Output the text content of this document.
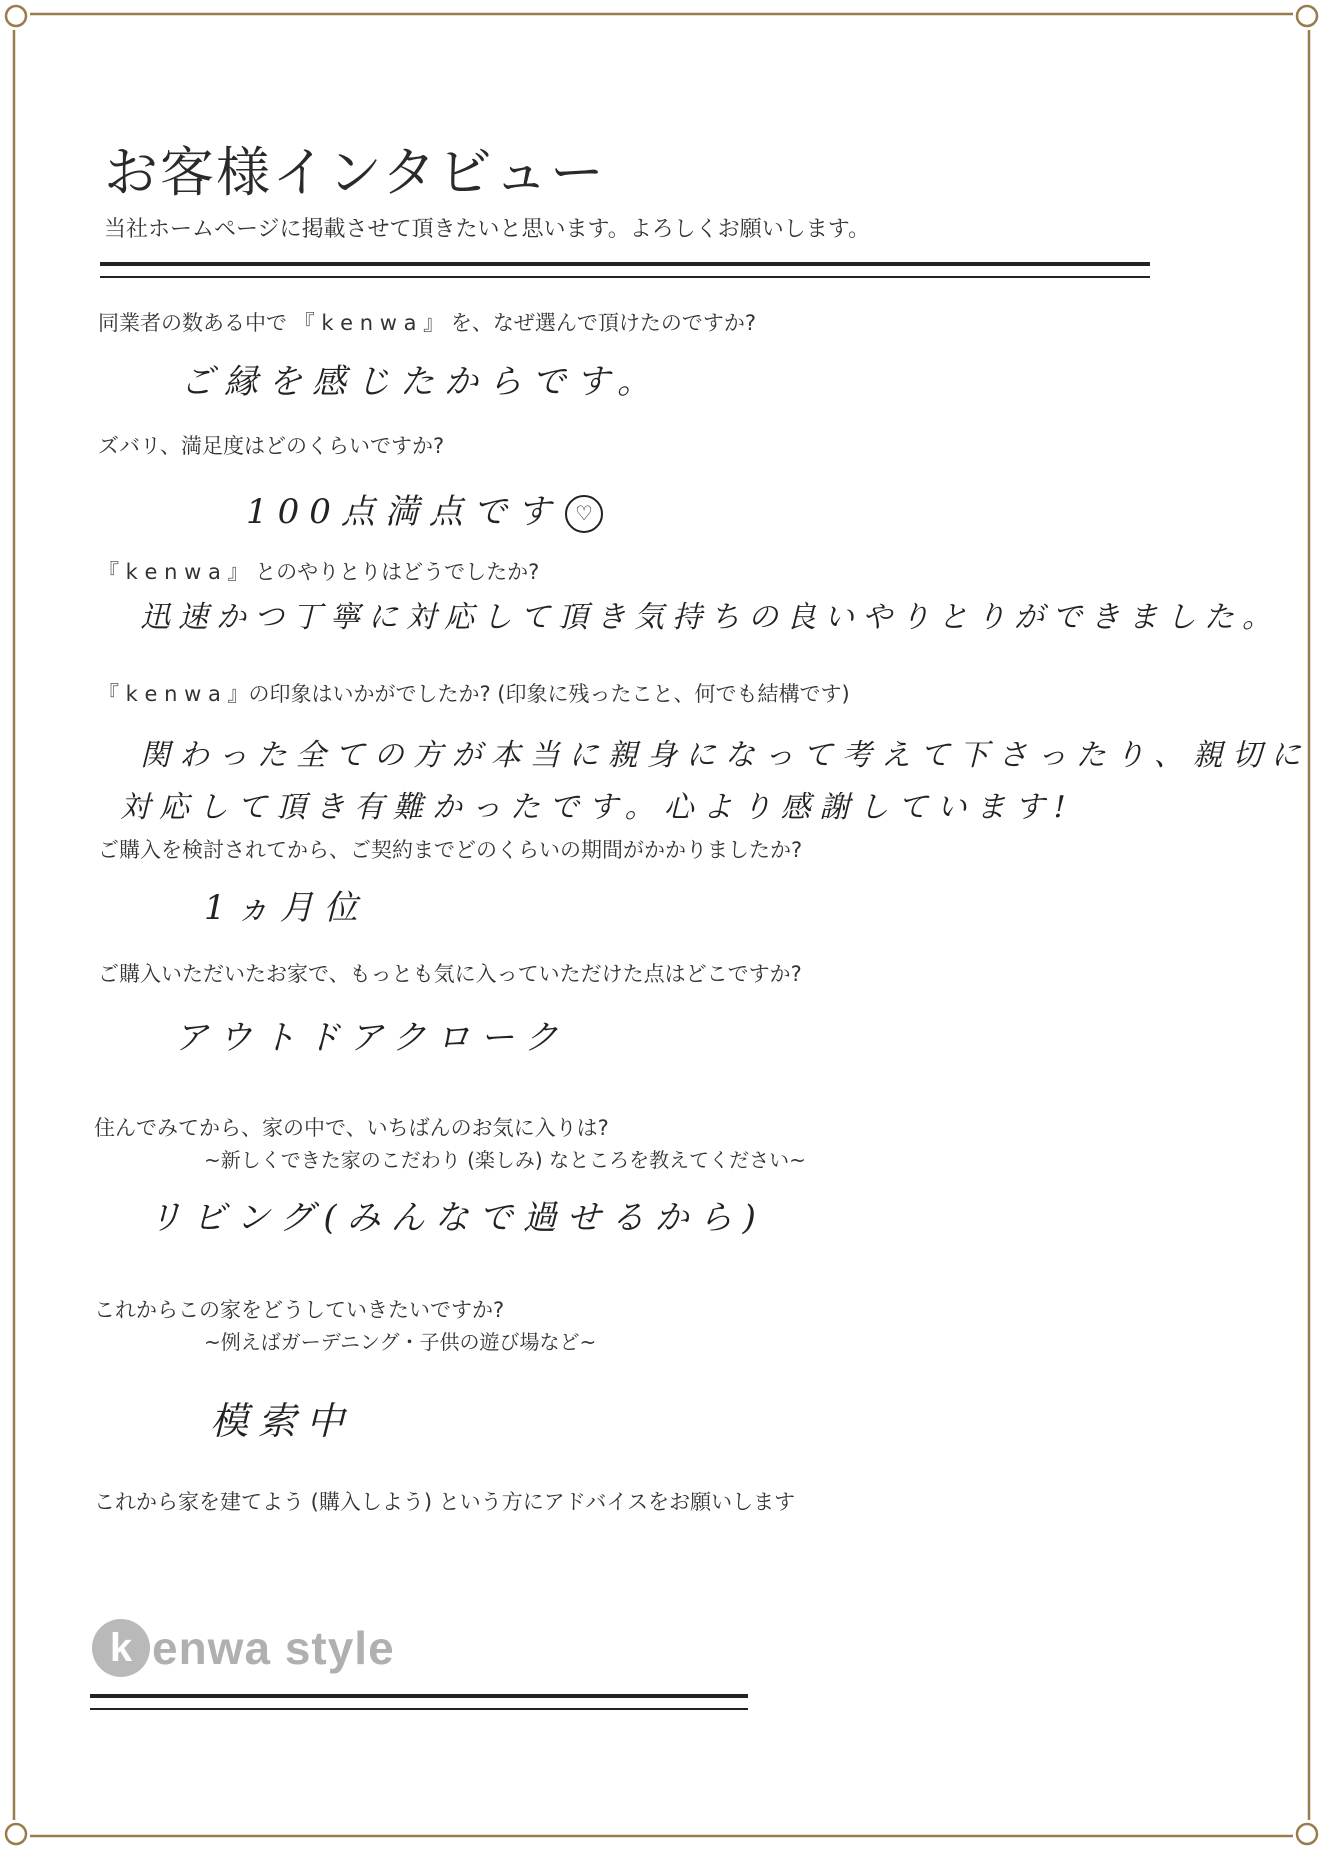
お客様インタビュー
当社ホームページに掲載させて頂きたいと思います。よろしくお願いします。
同業者の数ある中で 『 k e n w a 』 を、なぜ選んで頂けたのですか?
ご縁を感じたからです。
ズバリ、満足度はどのくらいですか?
100点満点です ♡
『 k e n w a 』 とのやりとりはどうでしたか?
迅速かつ丁寧に対応して頂き気持ちの良いやりとりができました。
『 k e n w a 』の印象はいかがでしたか? (印象に残ったこと、何でも結構です)
関わった全ての方が本当に親身になって考えて下さったり、親切に
対応して頂き有難かったです。心より感謝しています!
ご購入を検討されてから、ご契約までどのくらいの期間がかかりましたか?
1ヵ月位
ご購入いただいたお家で、もっとも気に入っていただけた点はどこですか?
アウトドアクローク
住んでみてから、家の中で、いちばんのお気に入りは?
~新しくできた家のこだわり (楽しみ) なところを教えてください~
リビング(みんなで過せるから)
これからこの家をどうしていきたいですか?
~例えばガーデニング・子供の遊び場など~
模索中
これから家を建てよう (購入しよう) という方にアドバイスをお願いします
k enwa style
